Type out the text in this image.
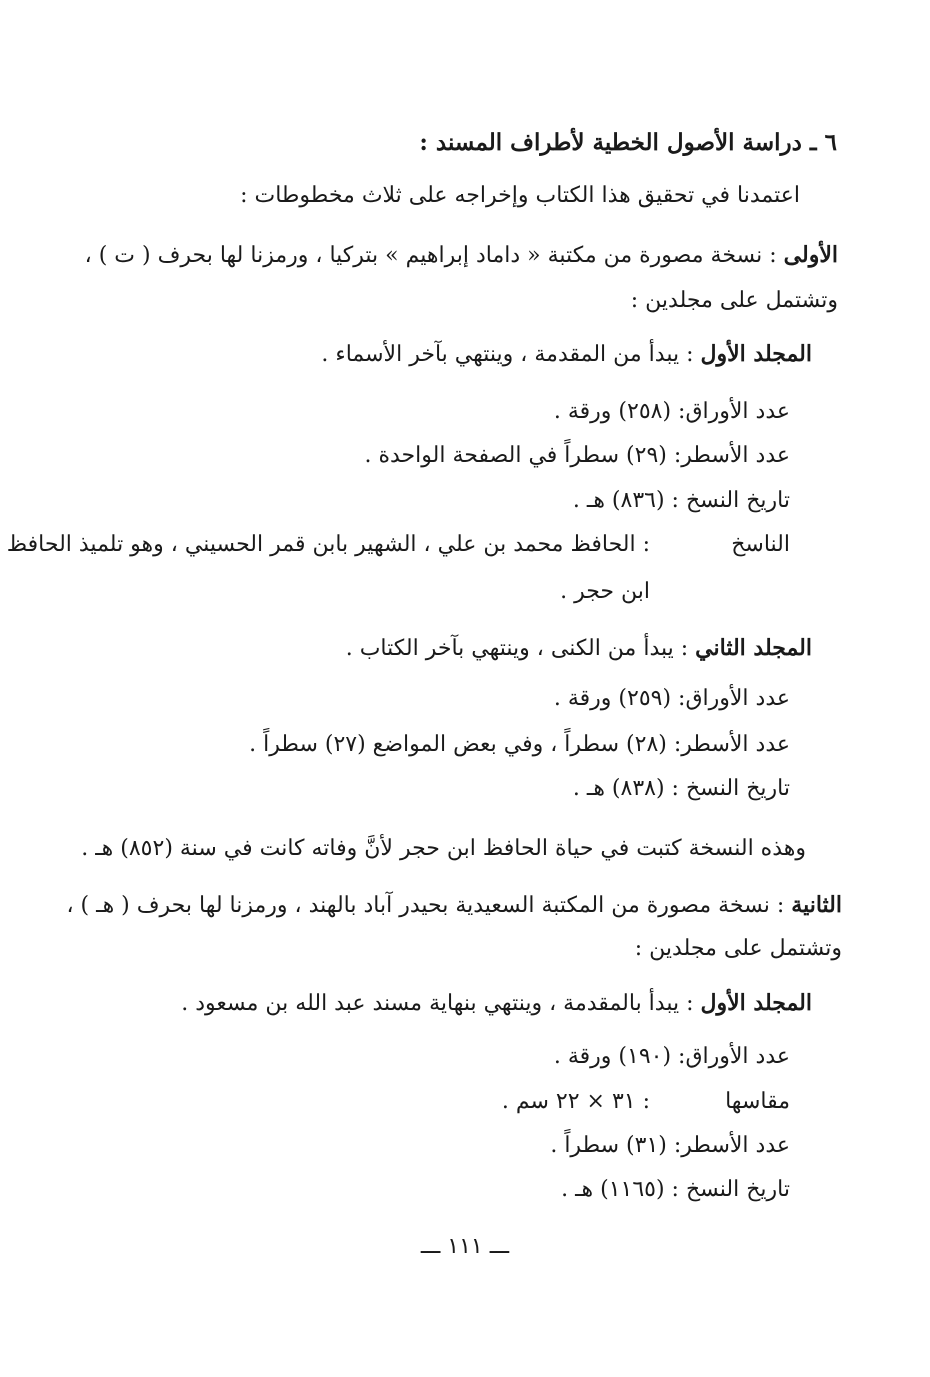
٦ ـ دراسة الأصول الخطية لأطراف المسند :
اعتمدنا في تحقيق هذا الكتاب وإخراجه على ثلاث مخطوطات :
الأولى : نسخة مصورة من مكتبة « داماد إبراهيم » بتركيا ، ورمزنا لها بحرف ( ت ) ،
وتشتمل على مجلدين :
المجلد الأول : يبدأ من المقدمة ، وينتهي بآخر الأسماء .
عدد الأوراق: (٢٥٨) ورقة .
عدد الأسطر: (٢٩) سطراً في الصفحة الواحدة .
تاريخ النسخ : (٨٣٦) هـ .
الناسخ: الحافظ محمد بن علي ، الشهير بابن قمر الحسيني ، وهو تلميذ الحافظ
ابن حجر .
المجلد الثاني : يبدأ من الكنى ، وينتهي بآخر الكتاب .
عدد الأوراق: (٢٥٩) ورقة .
عدد الأسطر: (٢٨) سطراً ، وفي بعض المواضع (٢٧) سطراً .
تاريخ النسخ : (٨٣٨) هـ .
وهذه النسخة كتبت في حياة الحافظ ابن حجر لأنَّ وفاته كانت في سنة (٨٥٢) هـ .
الثانية : نسخة مصورة من المكتبة السعيدية بحيدر آباد بالهند ، ورمزنا لها بحرف ( هـ ) ،
وتشتمل على مجلدين :
المجلد الأول : يبدأ بالمقدمة ، وينتهي بنهاية مسند عبد الله بن مسعود .
عدد الأوراق: (١٩٠) ورقة .
مقاسها: ٣١ × ٢٢ سم .
عدد الأسطر: (٣١) سطراً .
تاريخ النسخ : (١١٦٥) هـ .
ـــ ١١١ ـــ
